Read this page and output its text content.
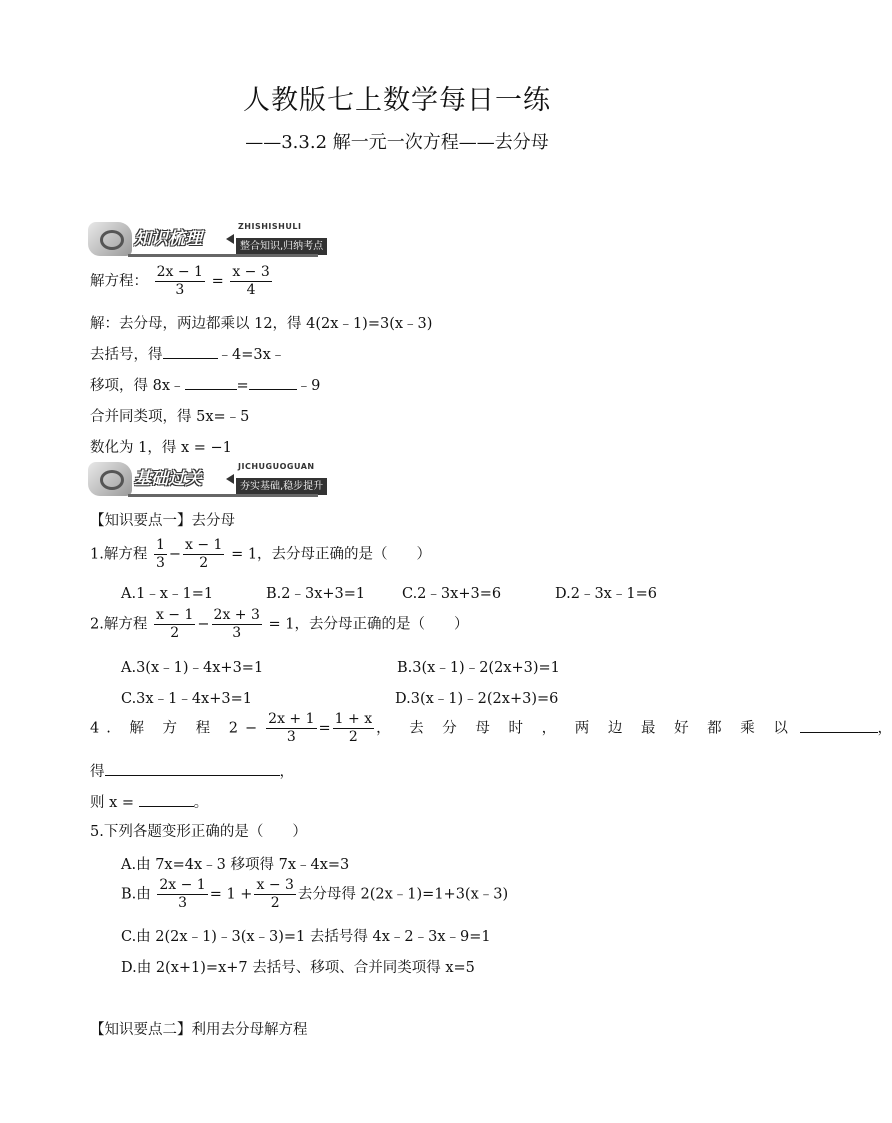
人教版七上数学每日一练
——3.3.2 解一元一次方程——去分母
知识梳理
ZHISHISHULI
整合知识,归纳考点
解方程： $\frac{2x - 1}{3} = \frac{x - 3}{4}$
解：去分母，两边都乘以 12，得 4(2x﹣1)=3(x﹣3)
去括号，得	﹣4=3x﹣
移项，得 8x﹣	=	﹣9
合并同类项，得 5x=﹣5
数化为 1，得 x = −1
基础过关
JICHUGUOGUAN
夯实基础,稳步提升
【知识要点一】去分母
1.解方程 $\frac{1}{3} - \frac{x - 1}{2} = 1$，去分母正确的是（　　）
A.1﹣x﹣1=1	B.2﹣3x+3=1	C.2﹣3x+3=6	D.2﹣3x﹣1=6
2.解方程 $\frac{x - 1}{2} - \frac{2x + 3}{3} = 1$，去分母正确的是（　　）
A.3(x﹣1)﹣4x+3=1	B.3(x﹣1)﹣2(2x+3)=1
C.3x﹣1﹣4x+3=1	D.3(x﹣1)﹣2(2x+3)=6
4. 解 方 程 $2- \frac{2x + 1}{3} = \frac{1 + x}{2}$ ， 去 分 母 时 ， 两 边 最 好 都 乘 以	，
得	，
则 x =	。
5.下列各题变形正确的是（　　）
A.由 7x=4x﹣3 移项得 7x﹣4x=3
B.由 $\frac{2x - 1}{3} = 1 + \frac{x - 3}{2}$ 去分母得 2(2x﹣1)=1+3(x﹣3)
C.由 2(2x﹣1)﹣3(x﹣3)=1 去括号得 4x﹣2﹣3x﹣9=1
D.由 2(x+1)=x+7 去括号、移项、合并同类项得 x=5
【知识要点二】利用去分母解方程
